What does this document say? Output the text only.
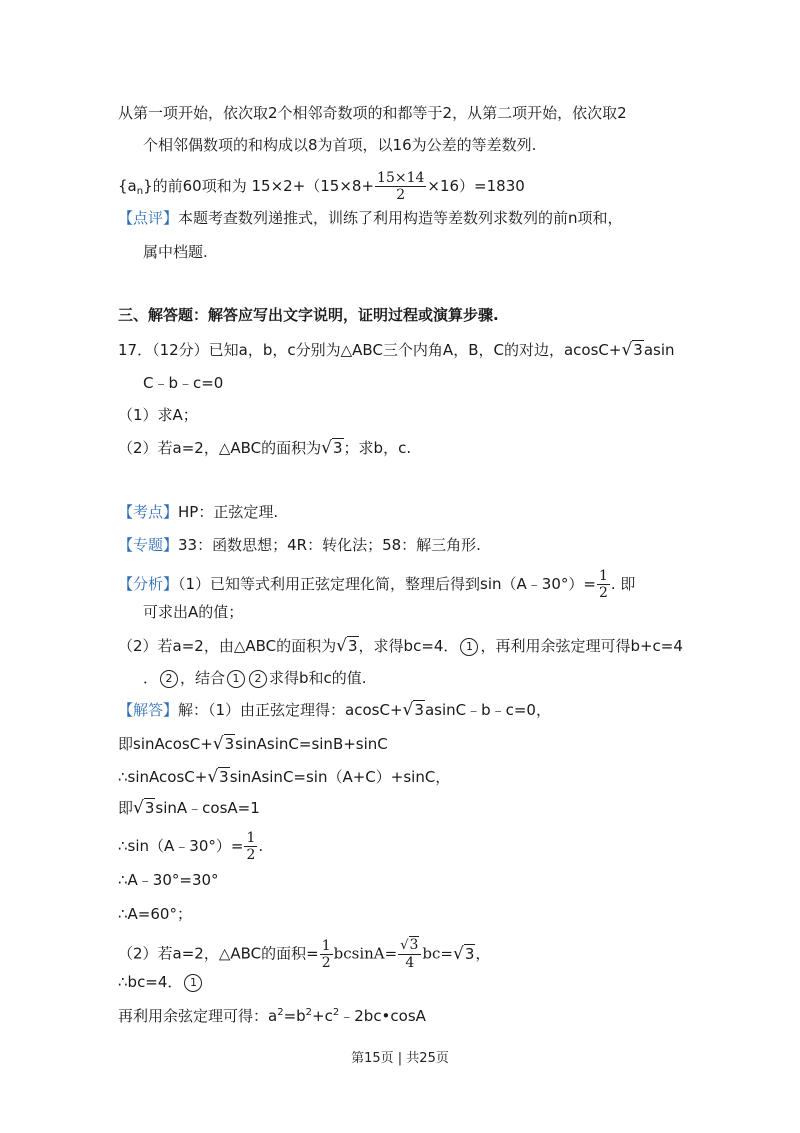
从第一项开始，依次取2个相邻奇数项的和都等于2，从第二项开始，依次取2
个相邻偶数项的和构成以8为首项，以16为公差的等差数列.
$\{a_n\}$的前60项和为 $15\times 2+(15\times 8+ \frac{15\times 14}{2} \times 16)=1830$
【点评】本题考查数列递推式，训练了利用构造等差数列求数列的前n项和，
属中档题.
三、解答题：解答应写出文字说明，证明过程或演算步骤.
17．（12分）已知a，b，c分别为△ABC三个内角A，B，C的对边，acosC+√3asin
C﹣b﹣c=0
（1）求A；
（2）若a=2，△ABC的面积为√3；求b，c.
【考点】HP：正弦定理.
【专题】33：函数思想；4R：转化法；58：解三角形.
【分析】（1）已知等式利用正弦定理化简，整理后得到sin（A﹣30°）= $\frac{1}{2}$ . 即
可求出A的值；
（2）若a=2，由△ABC的面积为√3，求得bc=4． 1 ，再利用余弦定理可得b+c=4
． 2 ，结合 1 2 求得b和c的值.
【解答】解：（1）由正弦定理得：acosC+√3asinC﹣b﹣c=0，
即sinAcosC+√3sinAsinC=sinB+sinC
∴sinAcosC+√3sinAsinC=sin（A+C）+sinC，
即√3sinA﹣cosA=1
∴sin（A﹣30°）= $\frac{1}{2}$ .
∴A﹣30°=30°
∴A=60°；
（2）若a=2，△ABC的面积= $\frac{1}{2} bcsinA= \frac{√3}{4} bc=√3$，
∴bc=4． 1
再利用余弦定理可得：$a^2=b^2+c^2﹣2bc•\cos A$
第15页 | 共25页
